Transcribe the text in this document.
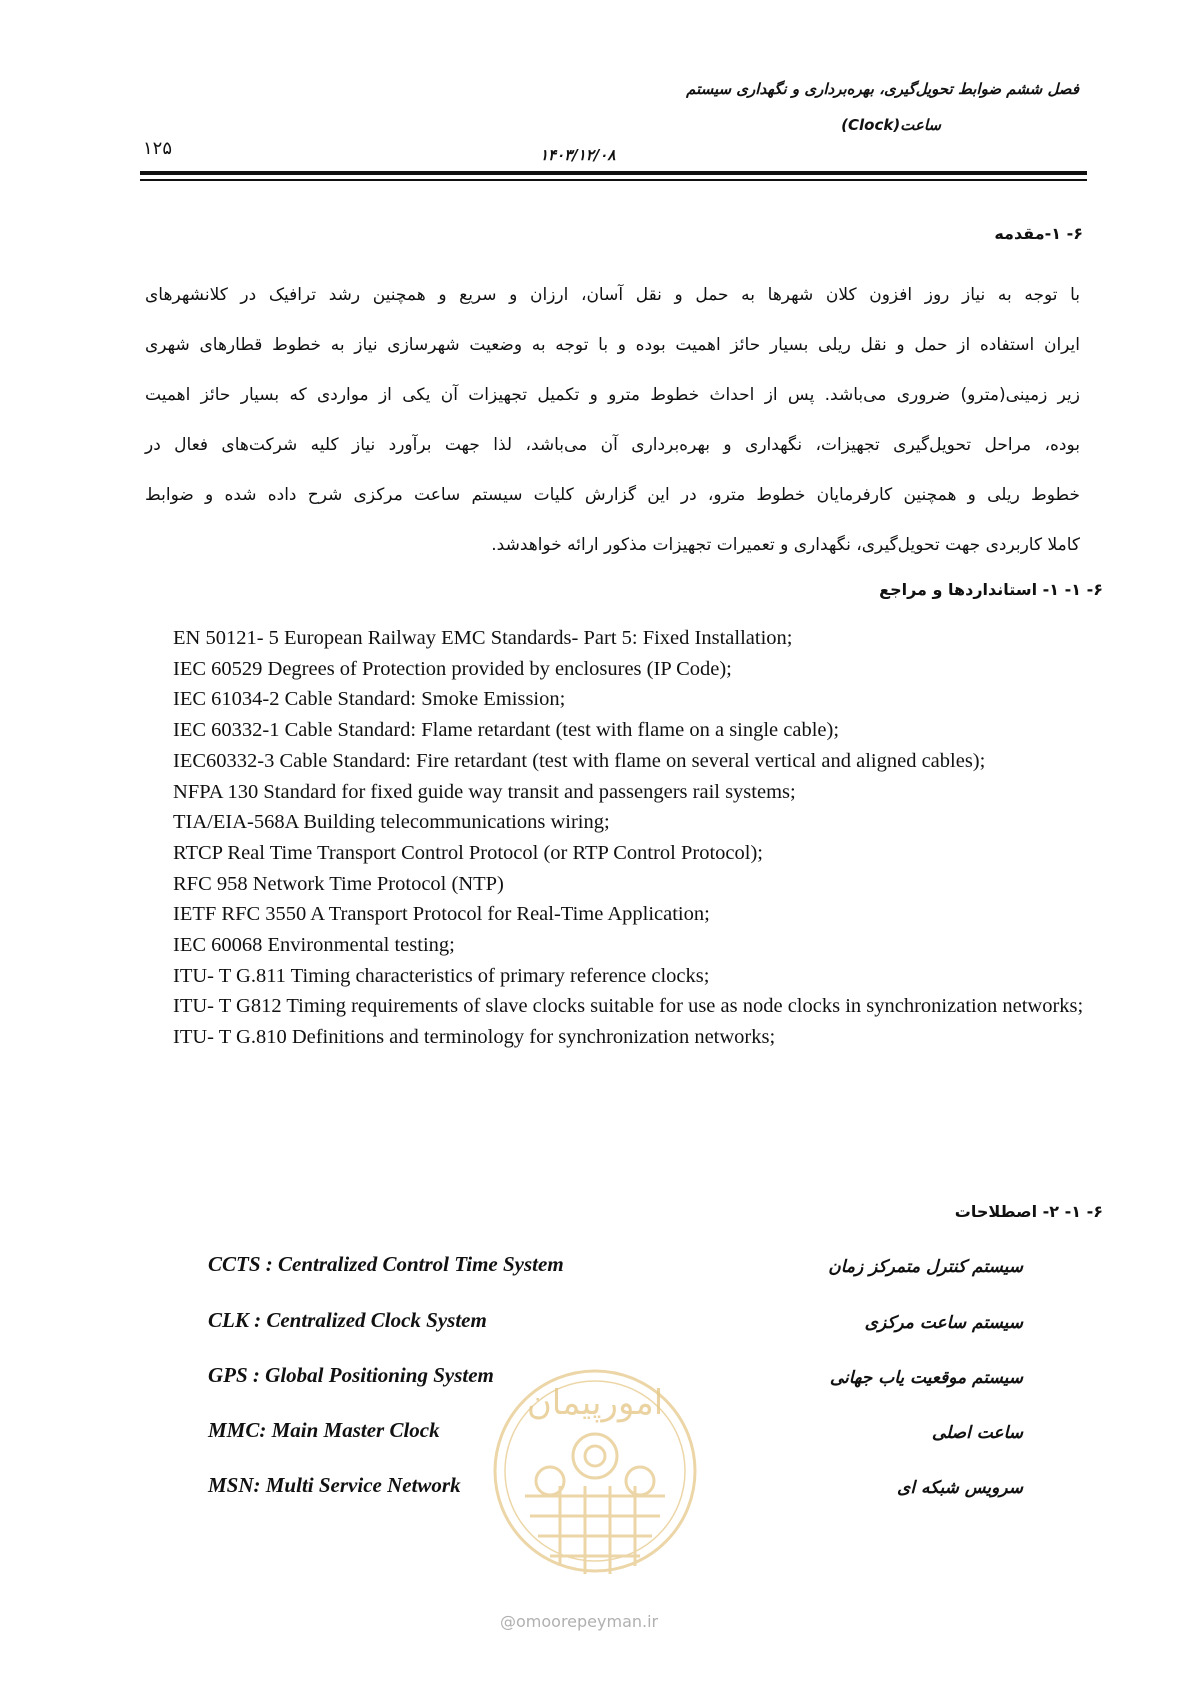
فصل ششم ضوابط تحویل‌گیری، بهره‌برداری و نگهداری سیستم
ساعت(Clock)
۱۲۵	۱۴۰۳/۱۲/۰۸
۶- ۱-مقدمه
با توجه به نیاز روز افزون کلان شهرها به حمل و نقل آسان، ارزان و سریع و همچنین رشد ترافیک در کلانشهرهای
ایران استفاده از حمل و نقل ریلی بسیار حائز اهمیت بوده و با توجه به وضعیت شهرسازی نیاز به خطوط قطارهای شهری
زیر زمینی(مترو) ضروری می‌باشد. پس از احداث خطوط مترو و تکمیل تجهیزات آن یکی از مواردی که بسیار حائز اهمیت
بوده، مراحل تحویل‌گیری تجهیزات، نگهداری و بهره‌برداری آن می‌باشد، لذا جهت برآورد نیاز کلیه شرکت‌های فعال در
خطوط ریلی و همچنین کارفرمایان خطوط مترو، در این گزارش کلیات سیستم ساعت مرکزی شرح داده شده و ضوابط
کاملا کاربردی جهت تحویل‌گیری، نگهداری و تعمیرات تجهیزات مذکور ارائه خواهدشد.
۶- ۱- ۱- استانداردها و مراجع
EN 50121- 5 European Railway EMC Standards- Part 5: Fixed Installation;
IEC 60529 Degrees of Protection provided by enclosures (IP Code);
IEC 61034-2 Cable Standard: Smoke Emission;
IEC 60332-1 Cable Standard: Flame retardant (test with flame on a single cable);
IEC60332-3 Cable Standard: Fire retardant (test with flame on several vertical and aligned cables);
NFPA 130 Standard for fixed guide way transit and passengers rail systems;
TIA/EIA-568A Building telecommunications wiring;
RTCP Real Time Transport Control Protocol (or RTP Control Protocol);
RFC 958 Network Time Protocol (NTP)
IETF RFC 3550 A Transport Protocol for Real-Time Application;
IEC 60068 Environmental testing;
ITU- T G.811 Timing characteristics of primary reference clocks;
ITU- T G812 Timing requirements of slave clocks suitable for use as node clocks in synchronization networks;
ITU- T G.810 Definitions and terminology for synchronization networks;
۶- ۱- ۲- اصطلاحات
CCTS : Centralized Control Time System	سیستم کنترل متمرکز زمان
CLK : Centralized Clock System	سیستم ساعت مرکزی
GPS : Global Positioning System	سیستم موقعیت یاب جهانی
MMC: Main Master Clock	ساعت اصلی
MSN: Multi Service Network	سرویس شبکه ای
امورپیمان
@omoorepeyman.ir
